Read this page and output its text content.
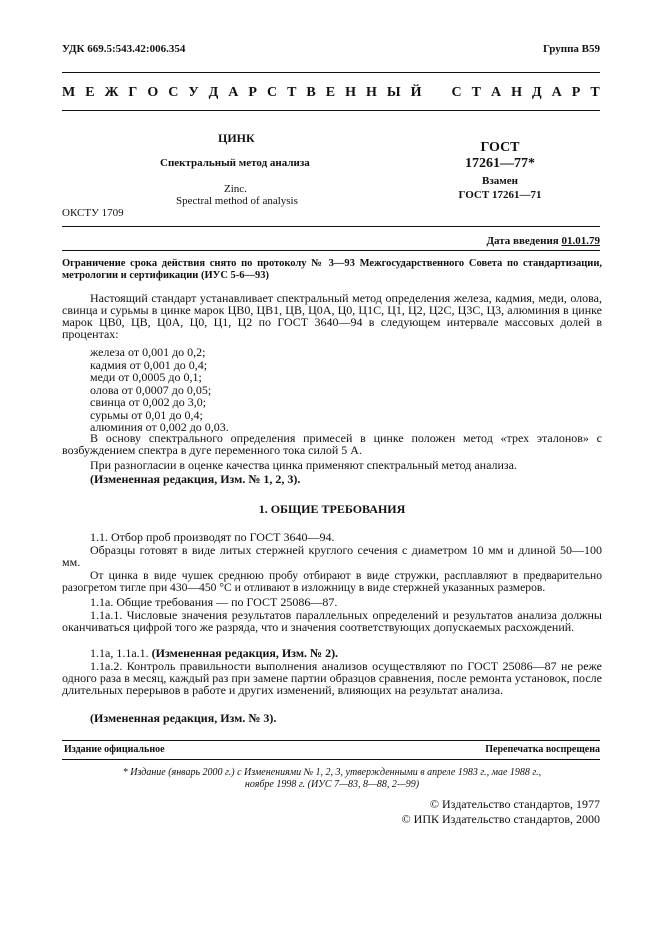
УДК 669.5:543.42:006.354	Группа В59
М Е Ж Г О С У Д А Р С Т В Е Н Н Ы Й С Т А Н Д А Р Т
ЦИНК
Спектральный метод анализа
Zinc.
Spectral method of analysis
ОКСТУ 1709
ГОСТ
17261—77*
Взамен
ГОСТ 17261—71
Дата введения 01.01.79
Ограничение срока действия снято по протоколу № 3—93 Межгосударственного Совета по стандартизации, метрологии и сертификации (ИУС 5-6—93)
Настоящий стандарт устанавливает спектральный метод определения железа, кадмия, меди, олова, свинца и сурьмы в цинке марок ЦВ0, ЦВ1, ЦВ, Ц0А, Ц0, Ц1С, Ц1, Ц2, Ц2С, Ц3С, Ц3, алюминия в цинке марок ЦВ0, ЦВ, Ц0А, Ц0, Ц1, Ц2 по ГОСТ 3640—94 в следующем интервале массовых долей в процентах:
железа от 0,001 до 0,2;
кадмия от 0,001 до 0,4;
меди от 0,0005 до 0,1;
олова от 0,0007 до 0,05;
свинца от 0,002 до 3,0;
сурьмы от 0,01 до 0,4;
алюминия от 0,002 до 0,03.
В основу спектрального определения примесей в цинке положен метод «трех эталонов» с возбуждением спектра в дуге переменного тока силой 5 А.
При разногласии в оценке качества цинка применяют спектральный метод анализа.
(Измененная редакция, Изм. № 1, 2, 3).
1. ОБЩИЕ ТРЕБОВАНИЯ
1.1. Отбор проб производят по ГОСТ 3640—94.
Образцы готовят в виде литых стержней круглого сечения с диаметром 10 мм и длиной 50—100 мм.
От цинка в виде чушек среднюю пробу отбирают в виде стружки, расплавляют в предварительно разогретом тигле при 430—450 °С и отливают в изложницу в виде стержней указанных размеров.
1.1а. Общие требования — по ГОСТ 25086—87.
1.1а.1. Числовые значения результатов параллельных определений и результатов анализа должны оканчиваться цифрой того же разряда, что и значения соответствующих допускаемых расхождений.
1.1а, 1.1а.1. (Измененная редакция, Изм. № 2).
1.1а.2. Контроль правильности выполнения анализов осуществляют по ГОСТ 25086—87 не реже одного раза в месяц, каждый раз при замене партии образцов сравнения, после ремонта установок, после длительных перерывов в работе и других изменений, влияющих на результат анализа.
(Измененная редакция, Изм. № 3).
Издание официальное	Перепечатка воспрещена
* Издание (январь 2000 г.) с Изменениями № 1, 2, 3, утвержденными в апреле 1983 г., мае 1988 г.,
ноябре 1998 г. (ИУС 7—83, 8—88, 2—99)
© Издательство стандартов, 1977
© ИПК Издательство стандартов, 2000
